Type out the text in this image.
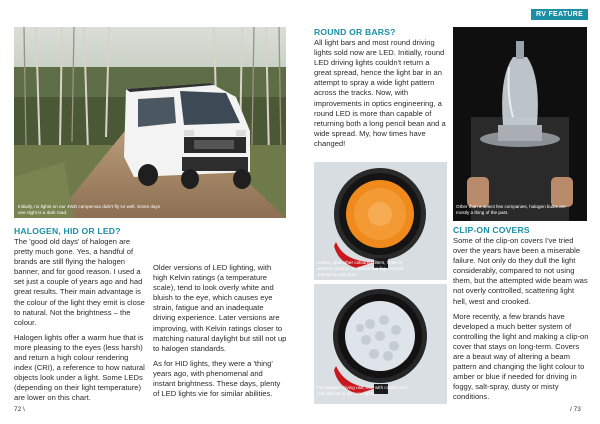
RV FEATURE
Initially, no lights on our 4WD campervan didn't fly so well. Some days one night is a dark road.
HALOGEN, HID OR LED?

The 'good old days' of halogen are pretty much gone. Yes, a handful of brands are still flying the halogen banner, and for good reason. I used a set just a couple of years ago and had great results. Their main advantage is the colour of the light they emit is close to natural. Not the brightness – the colour.

Halogen lights offer a warm hue that is more pleasing to the eyes (less harsh) and return a high colour rendering index (CRI), a reference to how natural objects look under a light. Some LEDs (depending on their light temperature) are lower on this chart.

Older versions of LED lighting, with high Kelvin ratings (a temperature scale), tend to look overly white and bluish to the eye, which causes eye strain, fatigue and an inadequate driving experience. Later versions are improving, with Kelvin ratings closer to matching natural daylight but still not up to halogen standards.

As for HID lights, they were a 'thing' years ago, with phenomenal and instant brightness. These days, plenty of LED lights vie for similar abilities.

72 \
ROUND OR BARS?

All light bars and most round driving lights sold now are LED. Initially, round LED driving lights couldn't return a great spread, hence the light bar in an attempt to spray a wide light pattern across the tracks. Now, with improvements in optics engineering, a round LED is more than capable of returning both a long pencil bean and a wide spread. My, how times have changed!

Amber, plus other coloured filters, helps in adverse driving conditions like fog, coastal sea-spray and dust.
For chosen driving use, one with covers and one without in my new lights.
Other than a select few companies, halogen bulbs are mostly a thing of the past.
CLIP-ON COVERS

Some of the clip-on covers I've tried over the years have been a miserable failure. Not only do they dull the light considerably, compared to not using them, but the attempted wide beam was not overly controlled, scattering light hell, west and crooked.

More recently, a few brands have developed a much better system of controlling the light and making a clip-on cover that stays on long-term. Covers are a beaut way of altering a beam pattern and changing the light colour to amber or blue if needed for driving in foggy, salt-spray, dusty or misty conditions.

/ 73
